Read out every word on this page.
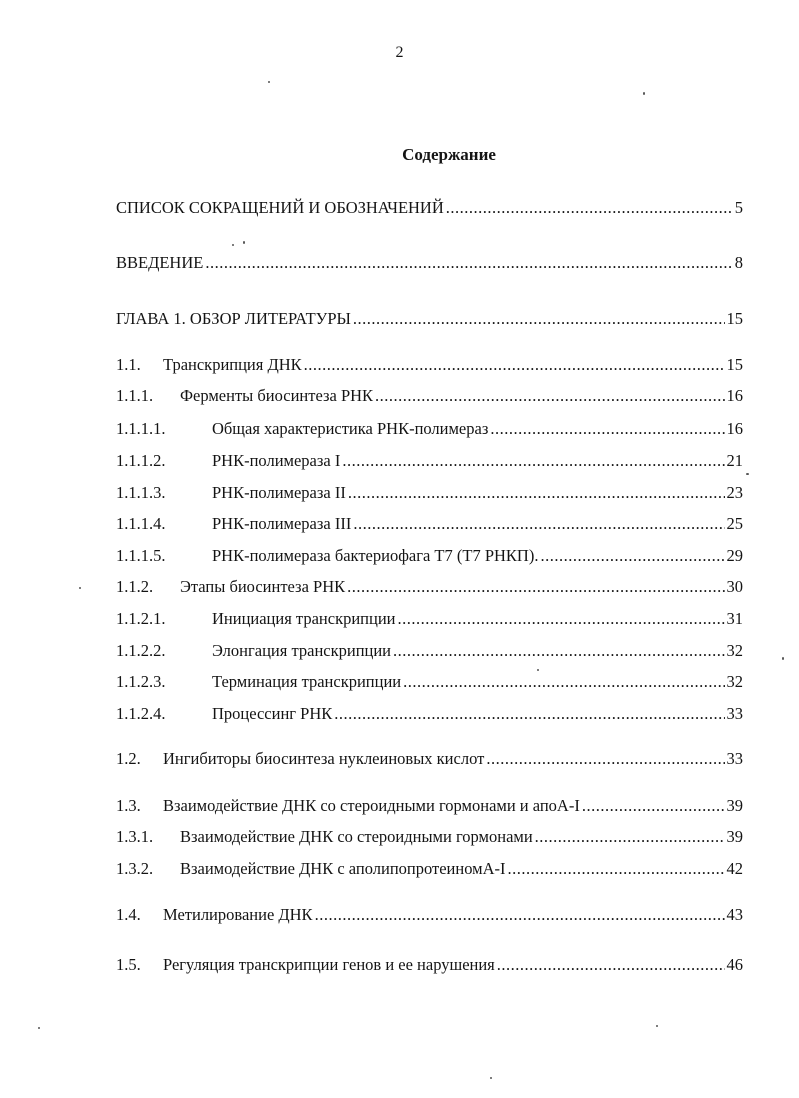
2
Содержание
СПИСОК СОКРАЩЕНИЙ И ОБОЗНАЧЕНИЙ .....	5
ВВЕДЕНИЕ .....	8
ГЛАВА 1. ОБЗОР ЛИТЕРАТУРЫ .....	15
1.1.	Транскрипция ДНК .....	15
1.1.1.	Ферменты биосинтеза РНК .....	16
1.1.1.1.	Общая характеристика РНК-полимераз .....	16
1.1.1.2.	РНК-полимераза I .....	21
1.1.1.3.	РНК-полимераза II .....	23
1.1.1.4.	РНК-полимераза III .....	25
1.1.1.5.	РНК-полимераза бактериофага Т7 (Т7 РНКП). .....	29
1.1.2.	Этапы биосинтеза РНК .....	30
1.1.2.1.	Инициация транскрипции .....	31
1.1.2.2.	Элонгация транскрипции .....	32
1.1.2.3.	Терминация транскрипции .....	32
1.1.2.4.	Процессинг РНК .....	33
1.2.	Ингибиторы биосинтеза нуклеиновых кислот .....	33
1.3.	Взаимодействие ДНК со стероидными гормонами и апоА-I .....	39
1.3.1.	Взаимодействие ДНК со стероидными гормонами .....	39
1.3.2.	Взаимодействие ДНК с аполипопротеиномА-I .....	42
1.4.	Метилирование ДНК .....	43
1.5.	Регуляция транскрипции генов и ее нарушения .....	46
